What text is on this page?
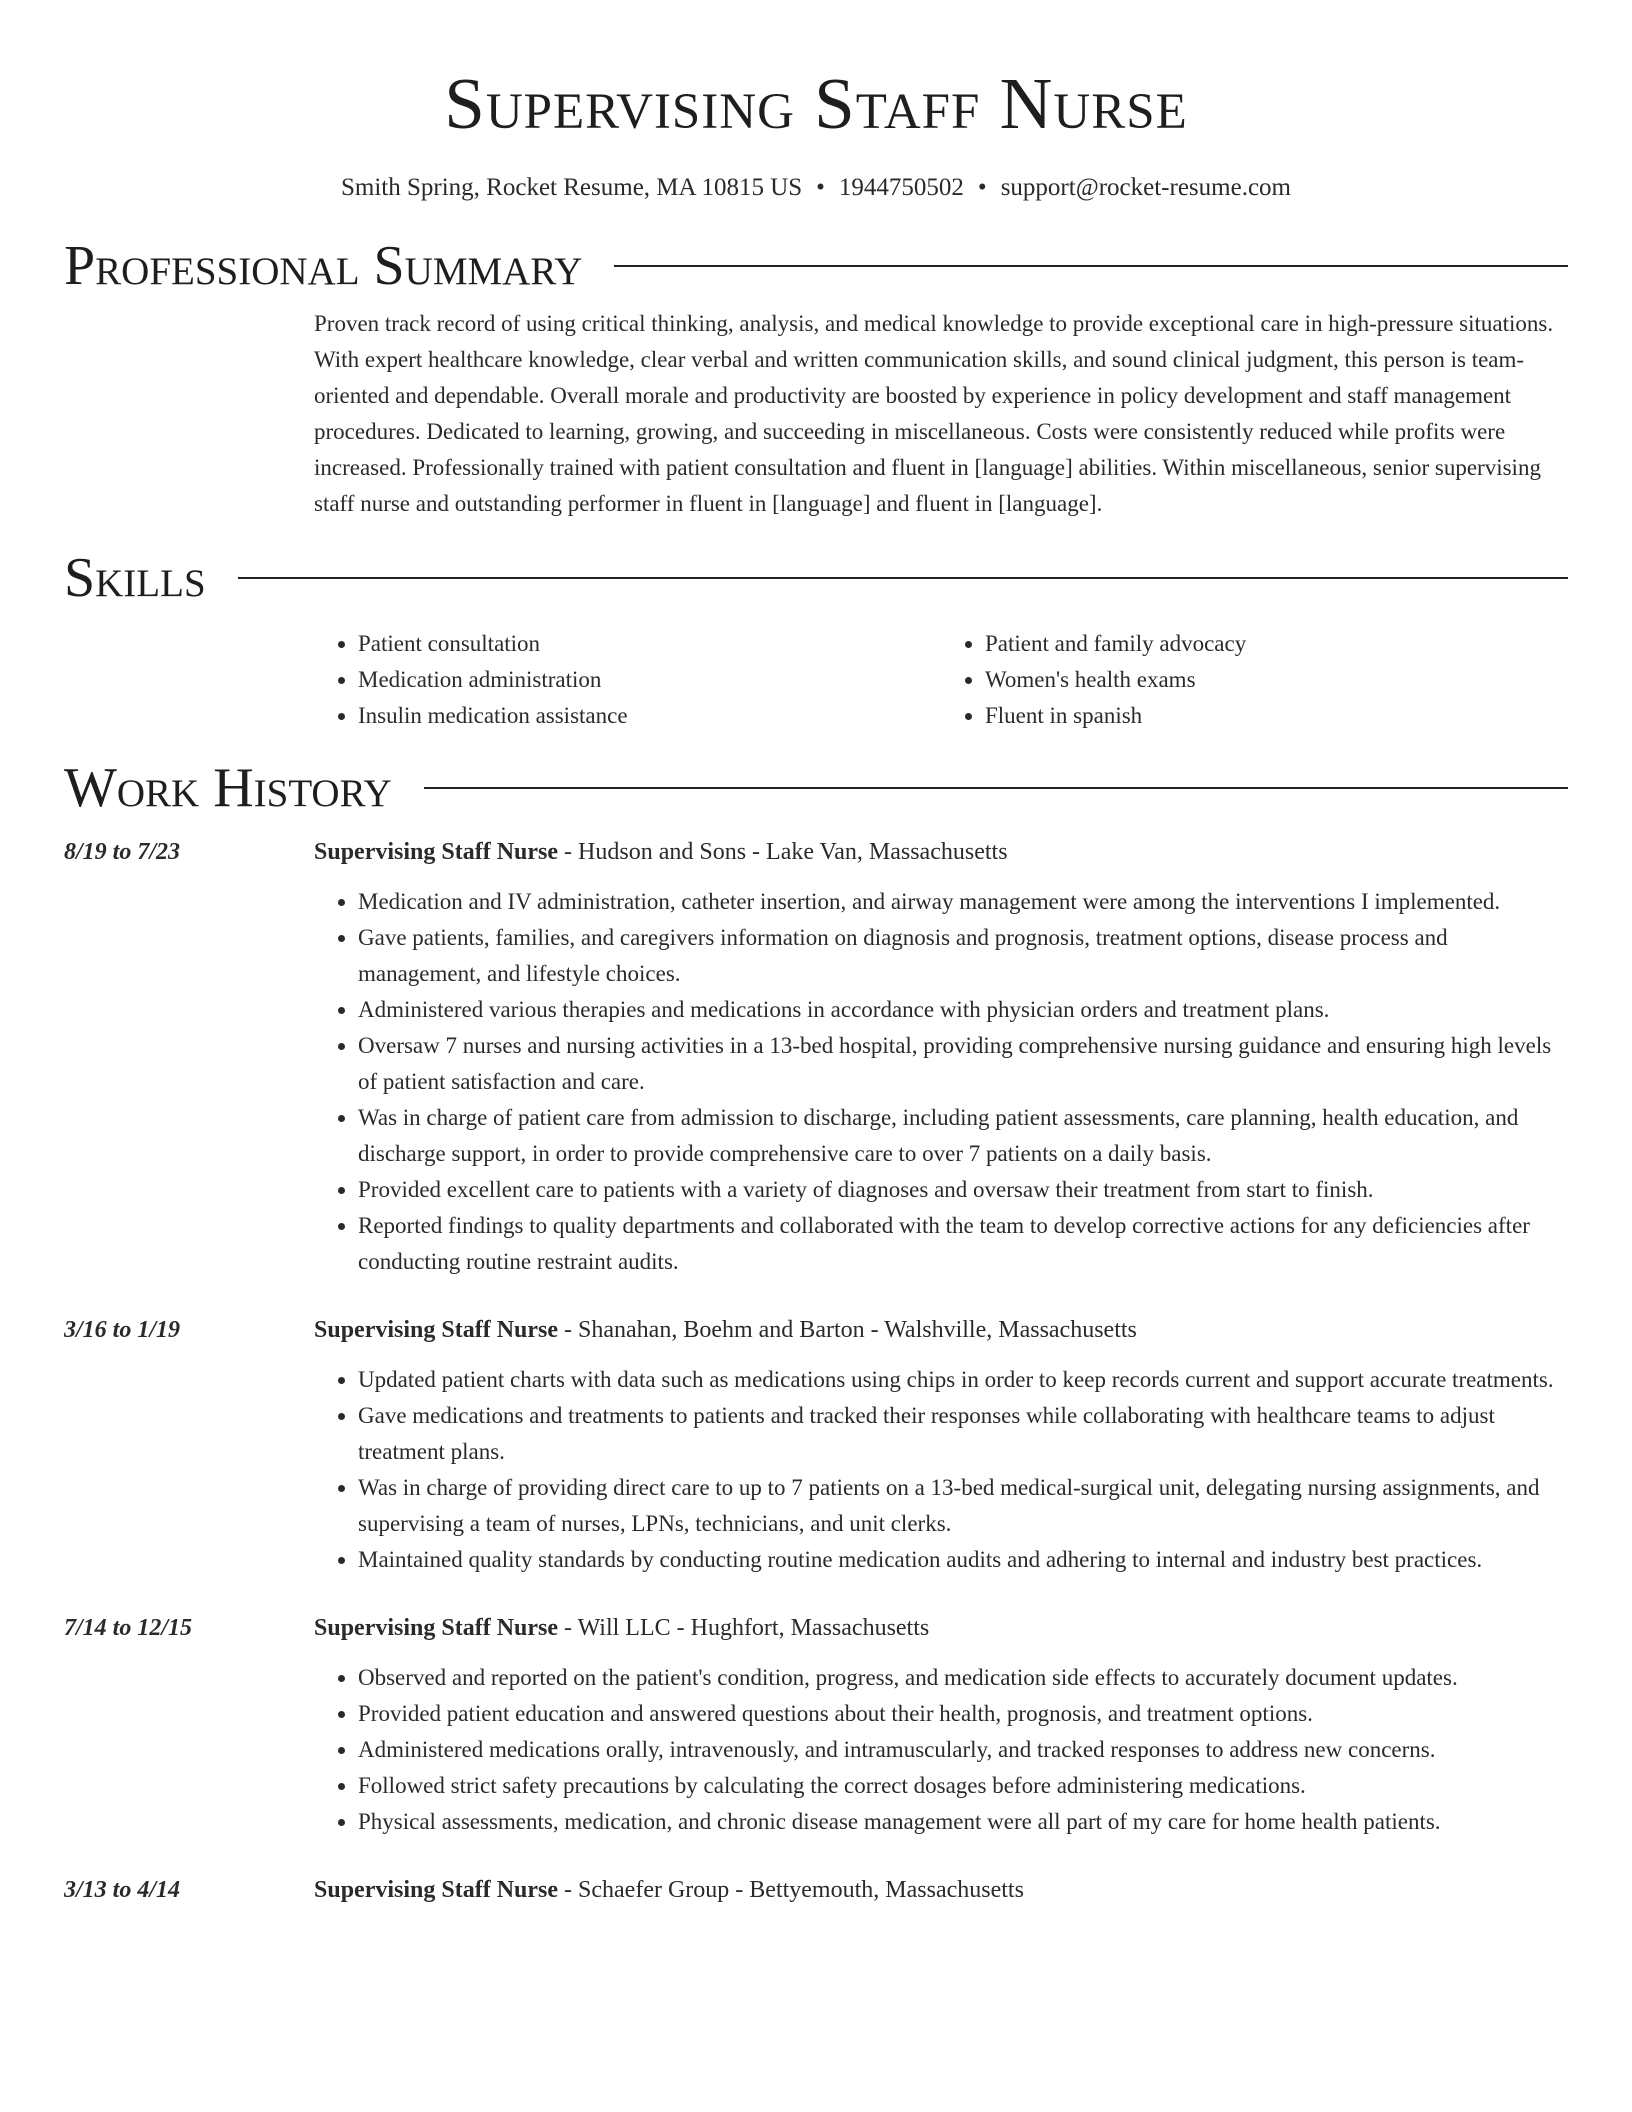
Supervising Staff Nurse
Smith Spring, Rocket Resume, MA 10815 US • 1944750502 • support@rocket-resume.com
Professional Summary
Proven track record of using critical thinking, analysis, and medical knowledge to provide exceptional care in high-pressure situations. With expert healthcare knowledge, clear verbal and written communication skills, and sound clinical judgment, this person is team-oriented and dependable. Overall morale and productivity are boosted by experience in policy development and staff management procedures. Dedicated to learning, growing, and succeeding in miscellaneous. Costs were consistently reduced while profits were increased. Professionally trained with patient consultation and fluent in [language] abilities. Within miscellaneous, senior supervising staff nurse and outstanding performer in fluent in [language] and fluent in [language].
Skills
• Patient consultation
• Medication administration
• Insulin medication assistance
• Patient and family advocacy
• Women's health exams
• Fluent in spanish
Work History
8/19 to 7/23	Supervising Staff Nurse - Hudson and Sons - Lake Van, Massachusetts
• Medication and IV administration, catheter insertion, and airway management were among the interventions I implemented.
• Gave patients, families, and caregivers information on diagnosis and prognosis, treatment options, disease process and management, and lifestyle choices.
• Administered various therapies and medications in accordance with physician orders and treatment plans.
• Oversaw 7 nurses and nursing activities in a 13-bed hospital, providing comprehensive nursing guidance and ensuring high levels of patient satisfaction and care.
• Was in charge of patient care from admission to discharge, including patient assessments, care planning, health education, and discharge support, in order to provide comprehensive care to over 7 patients on a daily basis.
• Provided excellent care to patients with a variety of diagnoses and oversaw their treatment from start to finish.
• Reported findings to quality departments and collaborated with the team to develop corrective actions for any deficiencies after conducting routine restraint audits.
3/16 to 1/19	Supervising Staff Nurse - Shanahan, Boehm and Barton - Walshville, Massachusetts
• Updated patient charts with data such as medications using chips in order to keep records current and support accurate treatments.
• Gave medications and treatments to patients and tracked their responses while collaborating with healthcare teams to adjust treatment plans.
• Was in charge of providing direct care to up to 7 patients on a 13-bed medical-surgical unit, delegating nursing assignments, and supervising a team of nurses, LPNs, technicians, and unit clerks.
• Maintained quality standards by conducting routine medication audits and adhering to internal and industry best practices.
7/14 to 12/15	Supervising Staff Nurse - Will LLC - Hughfort, Massachusetts
• Observed and reported on the patient's condition, progress, and medication side effects to accurately document updates.
• Provided patient education and answered questions about their health, prognosis, and treatment options.
• Administered medications orally, intravenously, and intramuscularly, and tracked responses to address new concerns.
• Followed strict safety precautions by calculating the correct dosages before administering medications.
• Physical assessments, medication, and chronic disease management were all part of my care for home health patients.
3/13 to 4/14	Supervising Staff Nurse - Schaefer Group - Bettyemouth, Massachusetts
